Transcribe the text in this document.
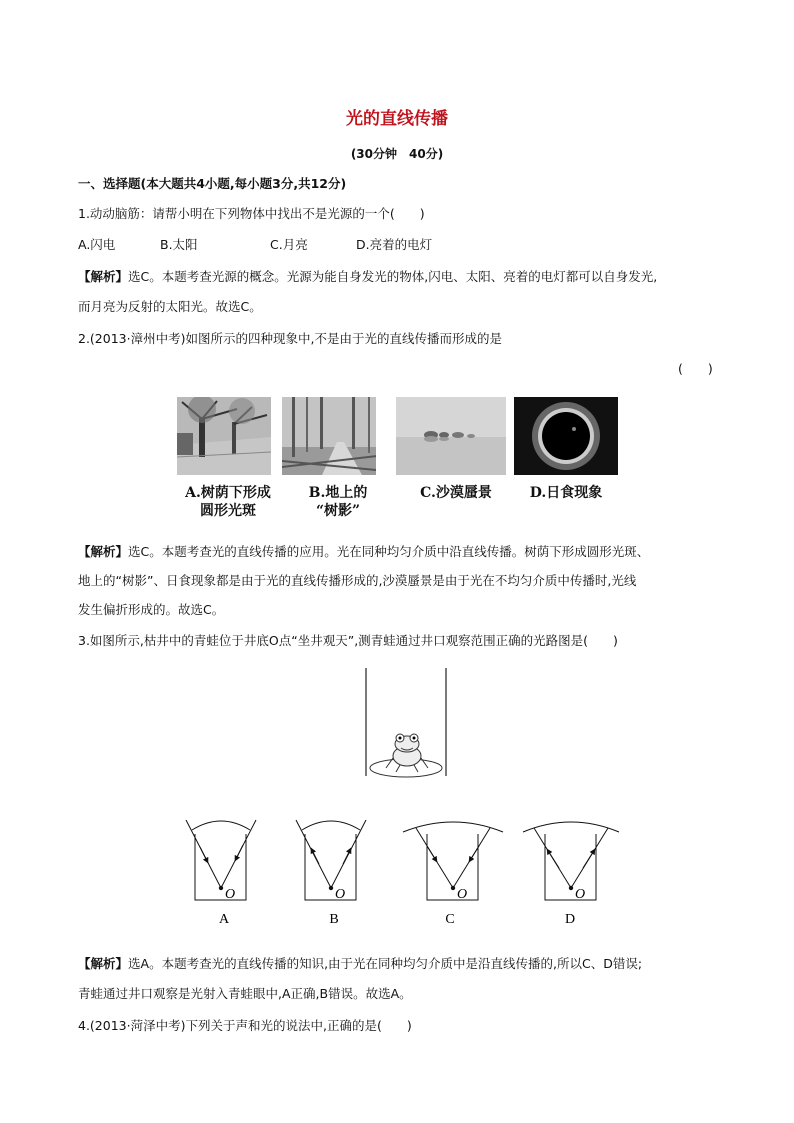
光的直线传播
(30分钟　40分)
一、选择题(本大题共4小题,每小题3分,共12分)
1.动动脑筋：请帮小明在下列物体中找出不是光源的一个(　　)
A.闪电	B.太阳	C.月亮	D.亮着的电灯
【解析】选C。本题考查光源的概念。光源为能自身发光的物体,闪电、太阳、亮着的电灯都可以自身发光,
而月亮为反射的太阳光。故选C。
2.(2013·漳州中考)如图所示的四种现象中,不是由于光的直线传播而形成的是
(　　)
A.树荫下形成
圆形光斑
B.地上的
“树影”
C.沙漠蜃景	D.日食现象
【解析】选C。本题考查光的直线传播的应用。光在同种均匀介质中沿直线传播。树荫下形成圆形光斑、
地上的“树影”、日食现象都是由于光的直线传播形成的,沙漠蜃景是由于光在不均匀介质中传播时,光线
发生偏折形成的。故选C。
3.如图所示,枯井中的青蛙位于井底O点“坐井观天”,测青蛙通过井口观察范围正确的光路图是(　　)
O
A
O
B
O
C
O
D
【解析】选A。本题考查光的直线传播的知识,由于光在同种均匀介质中是沿直线传播的,所以C、D错误;
青蛙通过井口观察是光射入青蛙眼中,A正确,B错误。故选A。
4.(2013·菏泽中考)下列关于声和光的说法中,正确的是(　　)
